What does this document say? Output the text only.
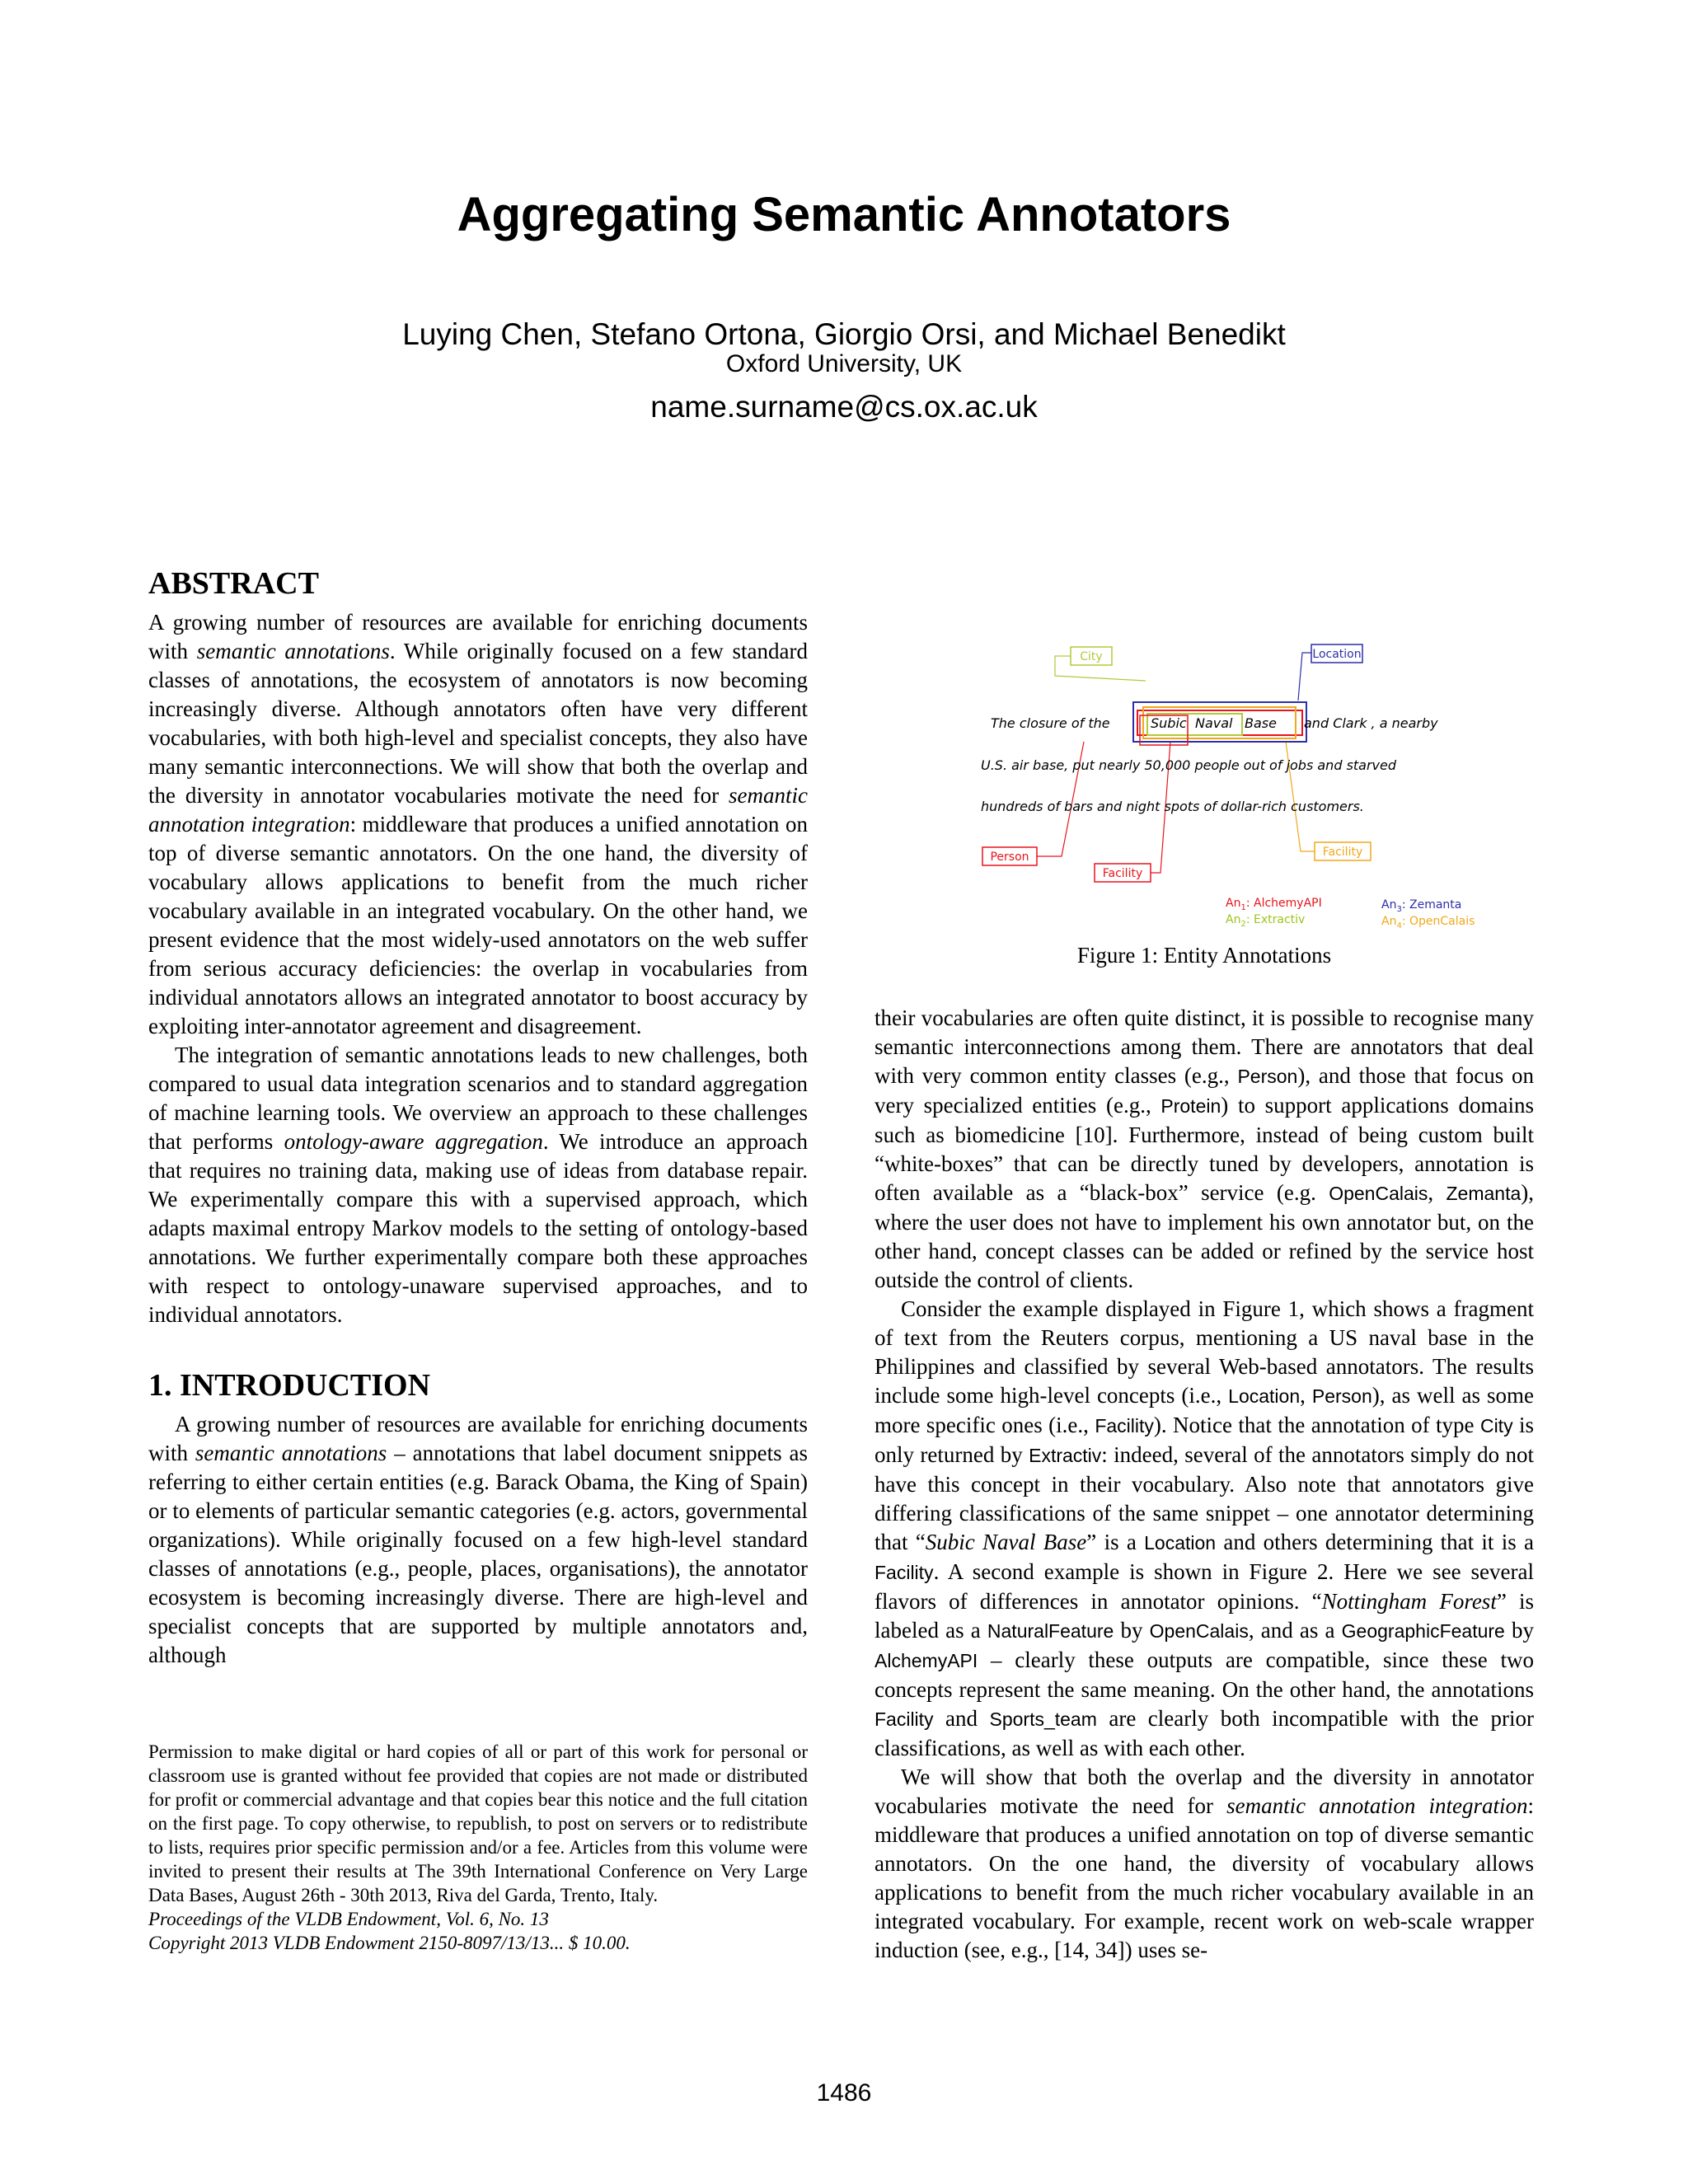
Aggregating Semantic Annotators
Luying Chen, Stefano Ortona, Giorgio Orsi, and Michael Benedikt
Oxford University, UK
name.surname@cs.ox.ac.uk
ABSTRACT

A growing number of resources are available for enriching documents with semantic annotations. While originally focused on a few standard classes of annotations, the ecosystem of annotators is now becoming increasingly diverse. Although annotators often have very different vocabularies, with both high-level and specialist concepts, they also have many semantic interconnections. We will show that both the overlap and the diversity in annotator vocabularies motivate the need for semantic annotation integration: middleware that produces a unified annotation on top of diverse semantic annotators. On the one hand, the diversity of vocabulary allows applications to benefit from the much richer vocabulary available in an integrated vocabulary. On the other hand, we present evidence that the most widely-used annotators on the web suffer from serious accuracy deficiencies: the overlap in vocabularies from individual annotators allows an integrated annotator to boost accuracy by exploiting inter-annotator agreement and disagreement.

The integration of semantic annotations leads to new challenges, both compared to usual data integration scenarios and to standard aggregation of machine learning tools. We overview an approach to these challenges that performs ontology-aware aggregation. We introduce an approach that requires no training data, making use of ideas from database repair. We experimentally compare this with a supervised approach, which adapts maximal entropy Markov models to the setting of ontology-based annotations. We further experimentally compare both these approaches with respect to ontology-unaware supervised approaches, and to individual annotators.

1. INTRODUCTION

A growing number of resources are available for enriching documents with semantic annotations – annotations that label document snippets as referring to either certain entities (e.g. Barack Obama, the King of Spain) or to elements of particular semantic categories (e.g. actors, governmental organizations). While originally focused on a few high-level standard classes of annotations (e.g., people, places, organisations), the annotator ecosystem is becoming increasingly diverse. There are high-level and specialist concepts that are supported by multiple annotators and, although

Permission to make digital or hard copies of all or part of this work for personal or classroom use is granted without fee provided that copies are not made or distributed for profit or commercial advantage and that copies bear this notice and the full citation on the first page. To copy otherwise, to republish, to post on servers or to redistribute to lists, requires prior specific permission and/or a fee. Articles from this volume were invited to present their results at The 39th International Conference on Very Large Data Bases, August 26th - 30th 2013, Riva del Garda, Trento, Italy.

Proceedings of the VLDB Endowment, Vol. 6, No. 13

Copyright 2013 VLDB Endowment 2150-8097/13/13... $ 10.00.

City	Location
Person
Facility
Facility
The closure of the	Subic Naval Base and Clark , a nearby
U.S. air base, put nearly 50,000 people out of jobs and starved
hundreds of bars and night spots of dollar-rich customers.
$An_1$: AlchemyAPI
$An_2$: Extractiv
$An_3$: Zemanta
$An_4$: OpenCalais
Figure 1: Entity Annotations

their vocabularies are often quite distinct, it is possible to recognise many semantic interconnections among them. There are annotators that deal with very common entity classes (e.g., Person), and those that focus on very specialized entities (e.g., Protein) to support applications domains such as biomedicine [10]. Furthermore, instead of being custom built “white-boxes” that can be directly tuned by developers, annotation is often available as a “black-box” service (e.g. OpenCalais, Zemanta), where the user does not have to implement his own annotator but, on the other hand, concept classes can be added or refined by the service host outside the control of clients.

Consider the example displayed in Figure 1, which shows a fragment of text from the Reuters corpus, mentioning a US naval base in the Philippines and classified by several Web-based annotators. The results include some high-level concepts (i.e., Location, Person), as well as some more specific ones (i.e., Facility). Notice that the annotation of type City is only returned by Extractiv: indeed, several of the annotators simply do not have this concept in their vocabulary. Also note that annotators give differing classifications of the same snippet – one annotator determining that “Subic Naval Base” is a Location and others determining that it is a Facility. A second example is shown in Figure 2. Here we see several flavors of differences in annotator opinions. “Nottingham Forest” is labeled as a NaturalFeature by OpenCalais, and as a GeographicFeature by AlchemyAPI – clearly these outputs are compatible, since these two concepts represent the same meaning. On the other hand, the annotations Facility and Sports_team are clearly both incompatible with the prior classifications, as well as with each other.

We will show that both the overlap and the diversity in annotator vocabularies motivate the need for semantic annotation integration: middleware that produces a unified annotation on top of diverse semantic annotators. On the one hand, the diversity of vocabulary allows applications to benefit from the much richer vocabulary available in an integrated vocabulary. For example, recent work on web-scale wrapper induction (see, e.g., [14, 34]) uses se-

1486
